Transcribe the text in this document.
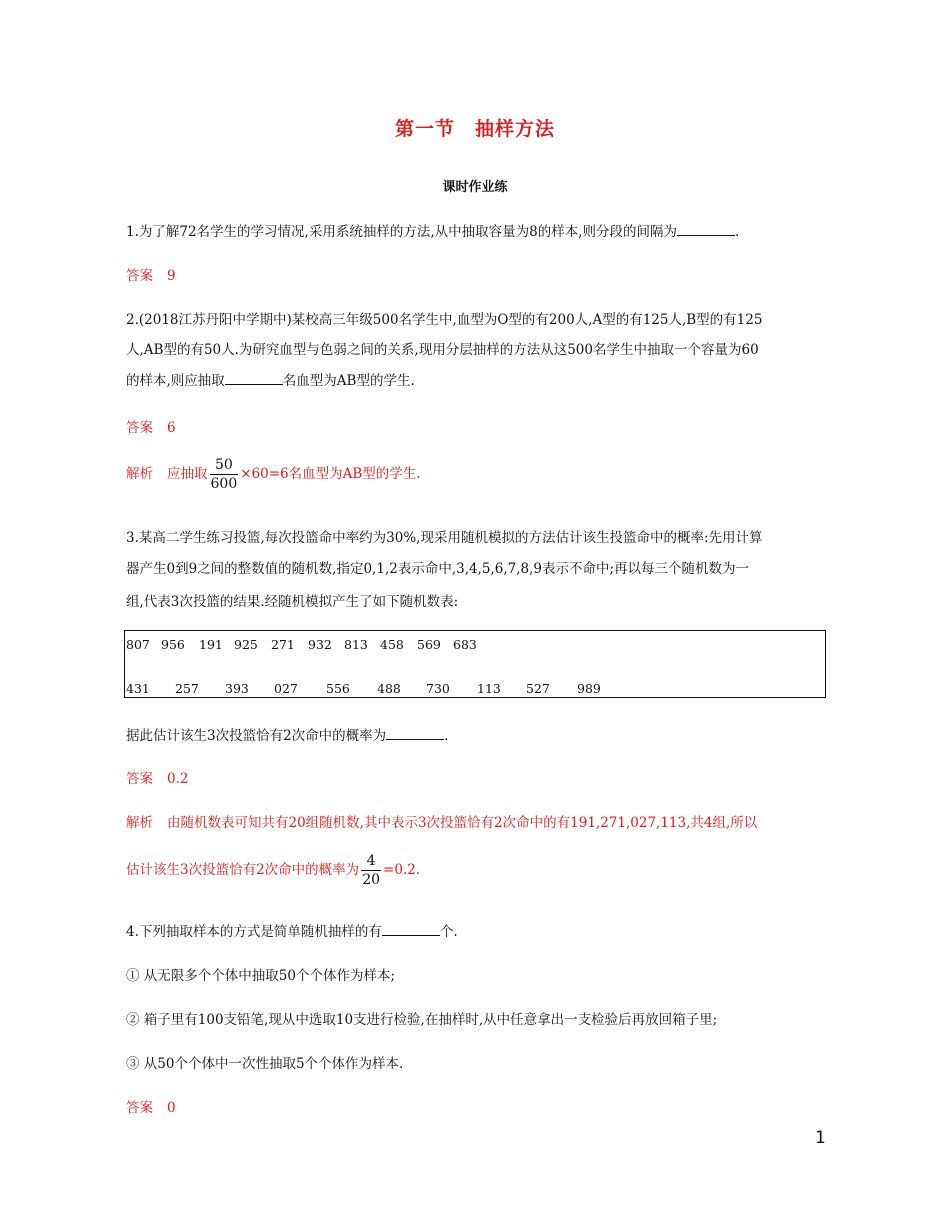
第一节　抽样方法
课时作业练
1.为了解72名学生的学习情况,采用系统抽样的方法,从中抽取容量为8的样本,则分段的间隔为	.
答案 9
2.(2018江苏丹阳中学期中)某校高三年级500名学生中,血型为O型的有200人,A型的有125人,B型的有125
人,AB型的有50人.为研究血型与色弱之间的关系,现用分层抽样的方法从这500名学生中抽取一个容量为60
的样本,则应抽取	名血型为AB型的学生.
答案 6
解析 应抽取 $\frac{50}{600} \times 60=6$名血型为AB型的学生.
3.某高二学生练习投篮,每次投篮命中率约为30%,现采用随机模拟的方法估计该生投篮命中的概率:先用计算
器产生0到9之间的整数值的随机数,指定0,1,2表示命中,3,4,5,6,7,8,9表示不命中;再以每三个随机数为一
组,代表3次投篮的结果.经随机模拟产生了如下随机数表:
807 956 191 925 271 932 813 458 569 683
431 257 393 027 556 488 730 113 527 989
据此估计该生3次投篮恰有2次命中的概率为	.
答案 0.2
解析 由随机数表可知共有20组随机数,其中表示3次投篮恰有2次命中的有191,271,027,113,共4组,所以
估计该生3次投篮恰有2次命中的概率为 $\frac{4}{20} =0.2$.
4.下列抽取样本的方式是简单随机抽样的有	个.
① 从无限多个个体中抽取50个个体作为样本;
② 箱子里有100支铅笔,现从中选取10支进行检验,在抽样时,从中任意拿出一支检验后再放回箱子里;
③ 从50个个体中一次性抽取5个个体作为样本.
答案 0
1
